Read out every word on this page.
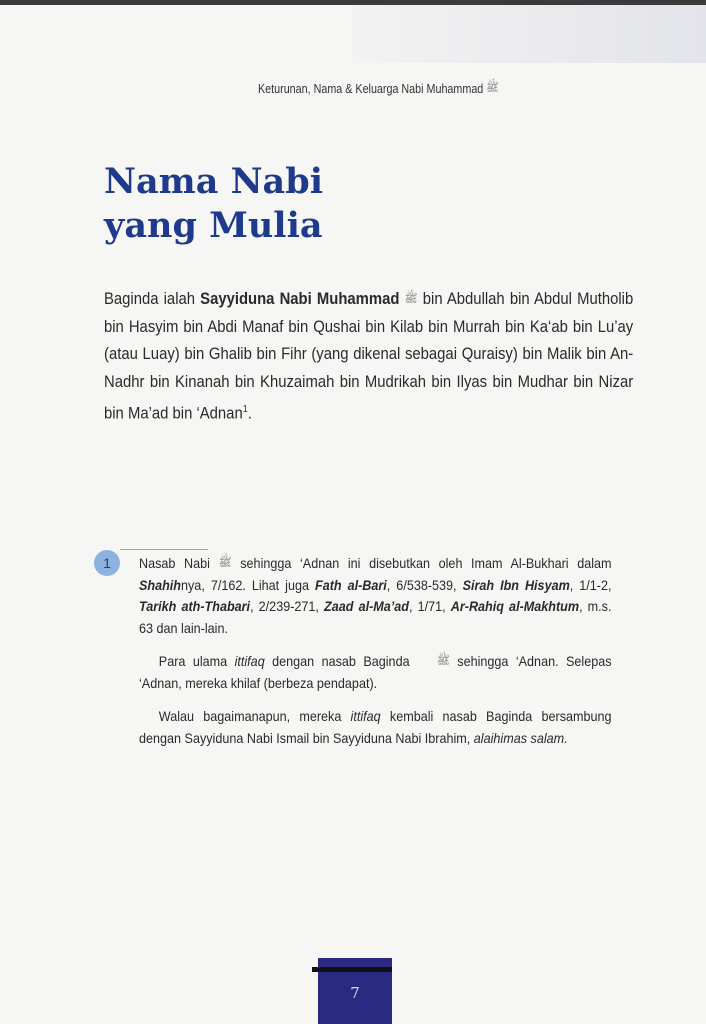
Keturunan, Nama & Keluarga Nabi Muhammad ﷺ
Nama Nabi
yang Mulia

Baginda ialah Sayyiduna Nabi Muhammad ﷺ bin Abdullah bin Abdul Mutholib bin Hasyim bin Abdi Manaf bin Qushai bin Kilab bin Murrah bin Ka‘ab bin Lu’ay (atau Luay) bin Ghalib bin Fihr (yang dikenal sebagai Quraisy) bin Malik bin An-Nadhr bin Kinanah bin Khuzaimah bin Mudrikah bin Ilyas bin Mudhar bin Nizar bin Ma’ad bin ‘Adnan$^1$.

1	Nasab Nabi ﷺ sehingga ‘Adnan ini disebutkan oleh Imam Al-Bukhari dalam Shahihnya, 7/162. Lihat juga Fath al-Bari, 6/538-539, Sirah Ibn Hisyam, 1/1-2, Tarikh ath-Thabari, 2/239-271, Zaad al-Ma’ad, 1/71, Ar-Rahiq al-Makhtum, m.s. 63 dan lain-lain.

Para ulama ittifaq dengan nasab Baginda ﷺ sehingga ‘Adnan. Selepas ‘Adnan, mereka khilaf (berbeza pendapat).

Walau bagaimanapun, mereka ittifaq kembali nasab Baginda bersambung dengan Sayyiduna Nabi Ismail bin Sayyiduna Nabi Ibrahim, alaihimas salam.

7
